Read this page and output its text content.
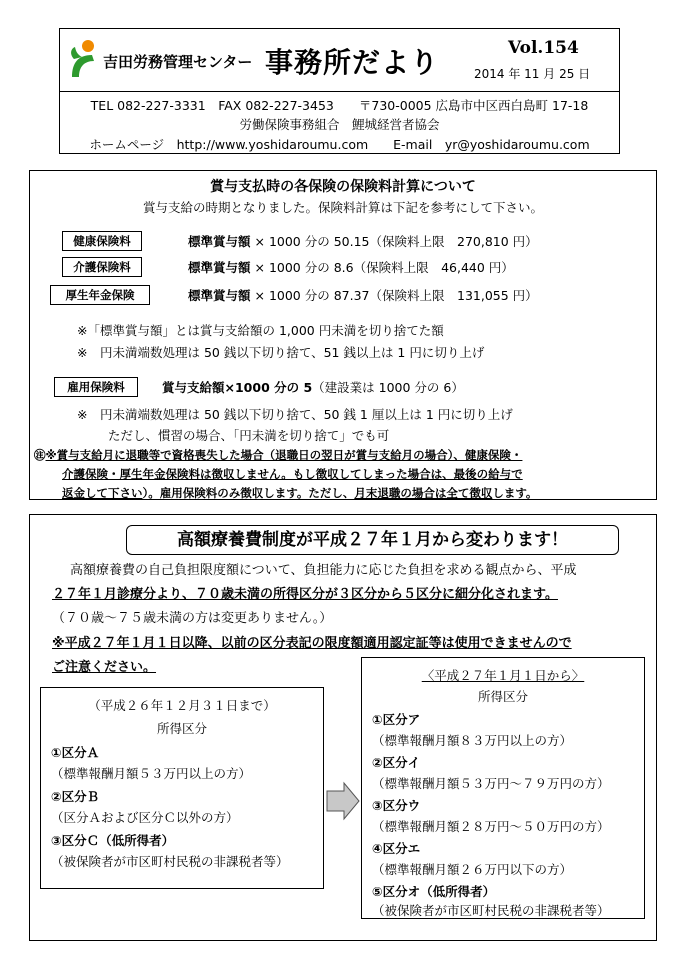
吉田労務管理センター 事務所だより	Vol.154
2014 年 11 月 25 日
TEL 082-227-3331　FAX 082-227-3453　　〒730-0005 広島市中区西白島町 17-18
労働保険事務組合　鯉城経営者協会
ホームページ　http://www.yoshidaroumu.com　　E-mail　yr@yoshidaroumu.com
賞与支払時の各保険の保険料計算について
賞与支給の時期となりました。保険料計算は下記を参考にして下さい。
健康保険料	標準賞与額 × 1000 分の 50.15（保険料上限　270,810 円）
介護保険料	標準賞与額 × 1000 分の 8.6（保険料上限　46,440 円）
厚生年金保険	標準賞与額 × 1000 分の 87.37（保険料上限　131,055 円）
※「標準賞与額」とは賞与支給額の 1,000 円未満を切り捨てた額
※　円未満端数処理は 50 銭以下切り捨て、51 銭以上は 1 円に切り上げ
雇用保険料	賞与支給額×1000 分の 5（建設業は 1000 分の 6）
※　円未満端数処理は 50 銭以下切り捨て、50 銭 1 厘以上は 1 円に切り上げ
ただし、慣習の場合、「円未満を切り捨て」でも可
㊟※賞与支給月に退職等で資格喪失した場合（退職日の翌日が賞与支給月の場合）、健康保険・
介護保険・厚生年金保険料は徴収しません。もし徴収してしまった場合は、最後の給与で
返金して下さい）。雇用保険料のみ徴収します。ただし、月末退職の場合は全て徴収します。
高額療養費制度が平成２７年１月から変わります！
高額療養費の自己負担限度額について、負担能力に応じた負担を求める観点から、平成
２７年１月診療分より、７０歳未満の所得区分が３区分から５区分に細分化されます。
（７０歳～７５歳未満の方は変更ありません。）
※平成２７年１月１日以降、以前の区分表記の限度額適用認定証等は使用できませんので
ご注意ください。
（平成２６年１２月３１日まで）
所得区分
①区分Ａ
（標準報酬月額５３万円以上の方）
②区分Ｂ
（区分Ａおよび区分Ｃ以外の方）
③区分Ｃ（低所得者）
（被保険者が市区町村民税の非課税者等）
〈平成２７年１月１日から〉
所得区分
①区分ア
（標準報酬月額８３万円以上の方）
②区分イ
（標準報酬月額５３万円～７９万円の方）
③区分ウ
（標準報酬月額２８万円～５０万円の方）
④区分エ
（標準報酬月額２６万円以下の方）
⑤区分オ（低所得者）
（被保険者が市区町村民税の非課税者等）
